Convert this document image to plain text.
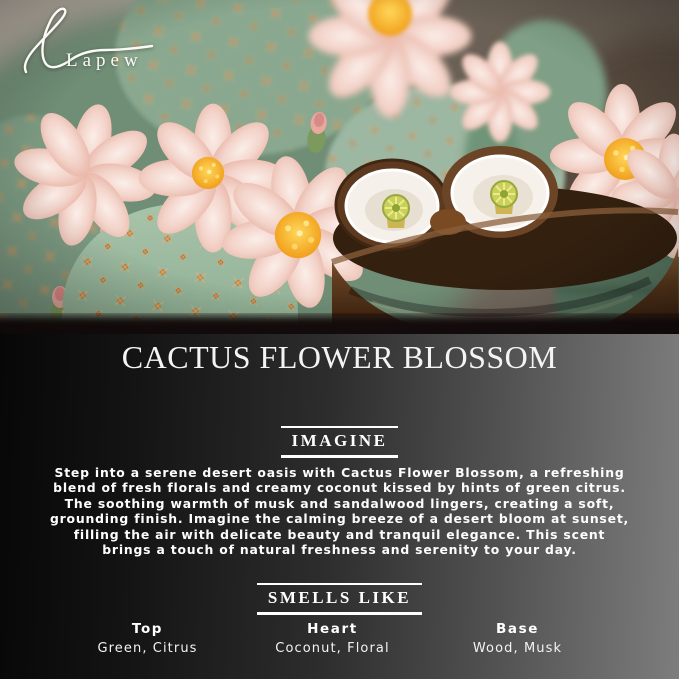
Lapew
CACTUS FLOWER BLOSSOM
IMAGINE

Step into a serene desert oasis with Cactus Flower Blossom, a refreshing blend of fresh florals and creamy coconut kissed by hints of green citrus. The soothing warmth of musk and sandalwood lingers, creating a soft, grounding finish. Imagine the calming breeze of a desert bloom at sunset, filling the air with delicate beauty and tranquil elegance. This scent brings a touch of natural freshness and serenity to your day.

SMELLS LIKE
Top
Green, Citrus
Heart
Coconut, Floral
Base
Wood, Musk
